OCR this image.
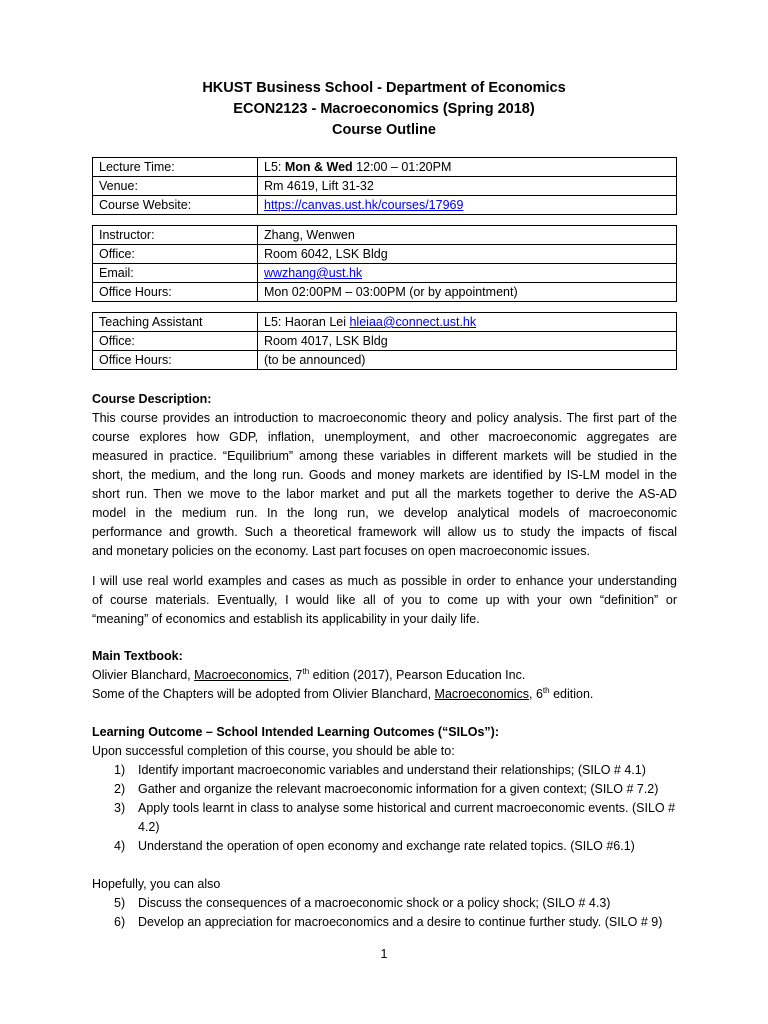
HKUST Business School - Department of Economics
ECON2123 - Macroeconomics (Spring 2018)
Course Outline
Lecture Time:	L5: Mon & Wed 12:00 – 01:20PM
Venue:	Rm 4619, Lift 31-32
Course Website:	https://canvas.ust.hk/courses/17969
Instructor:	Zhang, Wenwen
Office:	Room 6042, LSK Bldg
Email:	wwzhang@ust.hk
Office Hours:	Mon 02:00PM – 03:00PM (or by appointment)
Teaching Assistant	L5: Haoran Lei hleiaa@connect.ust.hk
Office:	Room 4017, LSK Bldg
Office Hours:	(to be announced)
Course Description:
This course provides an introduction to macroeconomic theory and policy analysis. The first part of the
course explores how GDP, inflation, unemployment, and other macroeconomic aggregates are
measured in practice. “Equilibrium” among these variables in different markets will be studied in the
short, the medium, and the long run. Goods and money markets are identified by IS-LM model in the
short run. Then we move to the labor market and put all the markets together to derive the AS-AD
model in the medium run. In the long run, we develop analytical models of macroeconomic
performance and growth. Such a theoretical framework will allow us to study the impacts of fiscal
and monetary policies on the economy. Last part focuses on open macroeconomic issues.
I will use real world examples and cases as much as possible in order to enhance your understanding
of course materials. Eventually, I would like all of you to come up with your own “definition” or
“meaning” of economics and establish its applicability in your daily life.
Main Textbook:
Olivier Blanchard, Macroeconomics, 7th edition (2017), Pearson Education Inc.
Some of the Chapters will be adopted from Olivier Blanchard, Macroeconomics, 6th edition.
Learning Outcome – School Intended Learning Outcomes (“SILOs”):
Upon successful completion of this course, you should be able to:
1) Identify important macroeconomic variables and understand their relationships; (SILO # 4.1)
2) Gather and organize the relevant macroeconomic information for a given context; (SILO # 7.2)
3) Apply tools learnt in class to analyse some historical and current macroeconomic events. (SILO #
4.2)
4) Understand the operation of open economy and exchange rate related topics. (SILO #6.1)
Hopefully, you can also
5) Discuss the consequences of a macroeconomic shock or a policy shock; (SILO # 4.3)
6) Develop an appreciation for macroeconomics and a desire to continue further study. (SILO # 9)
1
